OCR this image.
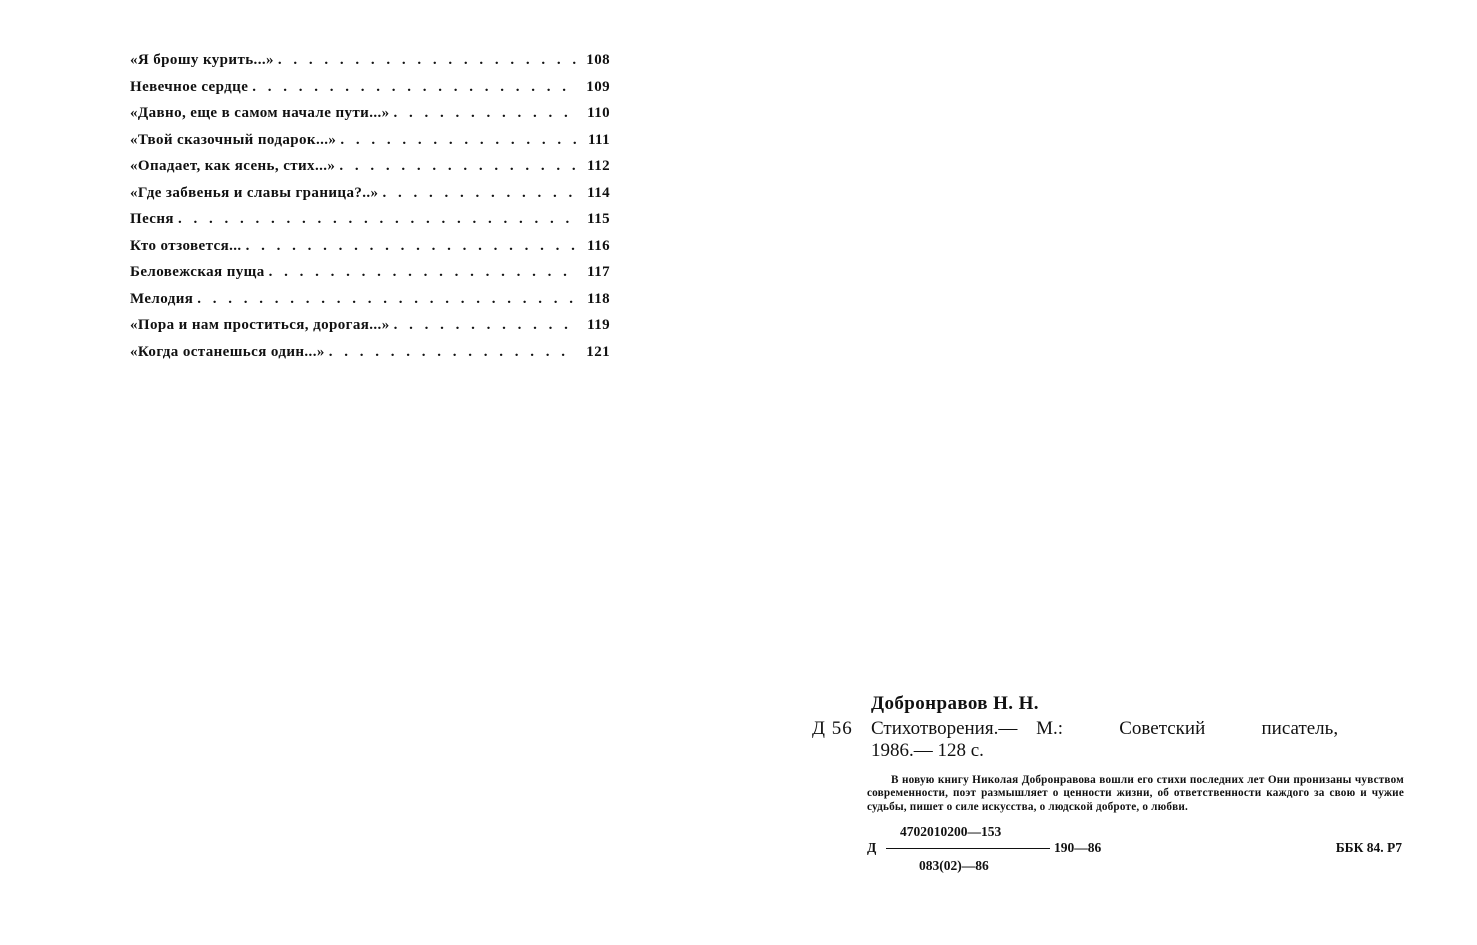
«Я брошу курить...» . . .	108
Невечное сердце . . .	109
«Давно, еще в самом начале пути...» . . .	110
«Твой сказочный подарок...» . . .	111
«Опадает, как ясень, стих...» . . .	112
«Где забвенья и славы граница?..» . . .	114
Песня . . .	115
Кто отзовется... . . .	116
Беловежская пуща . . .	117
Мелодия . . .	118
«Пора и нам проститься, дорогая...» . . .	119
«Когда останешься один...» . . .	121
Добронравов Н. Н.
Д 56 Стихотворения.— М.:   Советский   писатель,
1986.— 128 с.
В новую книгу Николая Добронравова вошли его стихи последних лет Они пронизаны чувством современности, поэт размышляет о ценности жизни, об ответственности каждого за свою и чужие судьбы, пишет о силе искусства, о людской доброте, о любви.
4702010200—153
Д	190—86
083(02)—86
ББК 84. Р7
